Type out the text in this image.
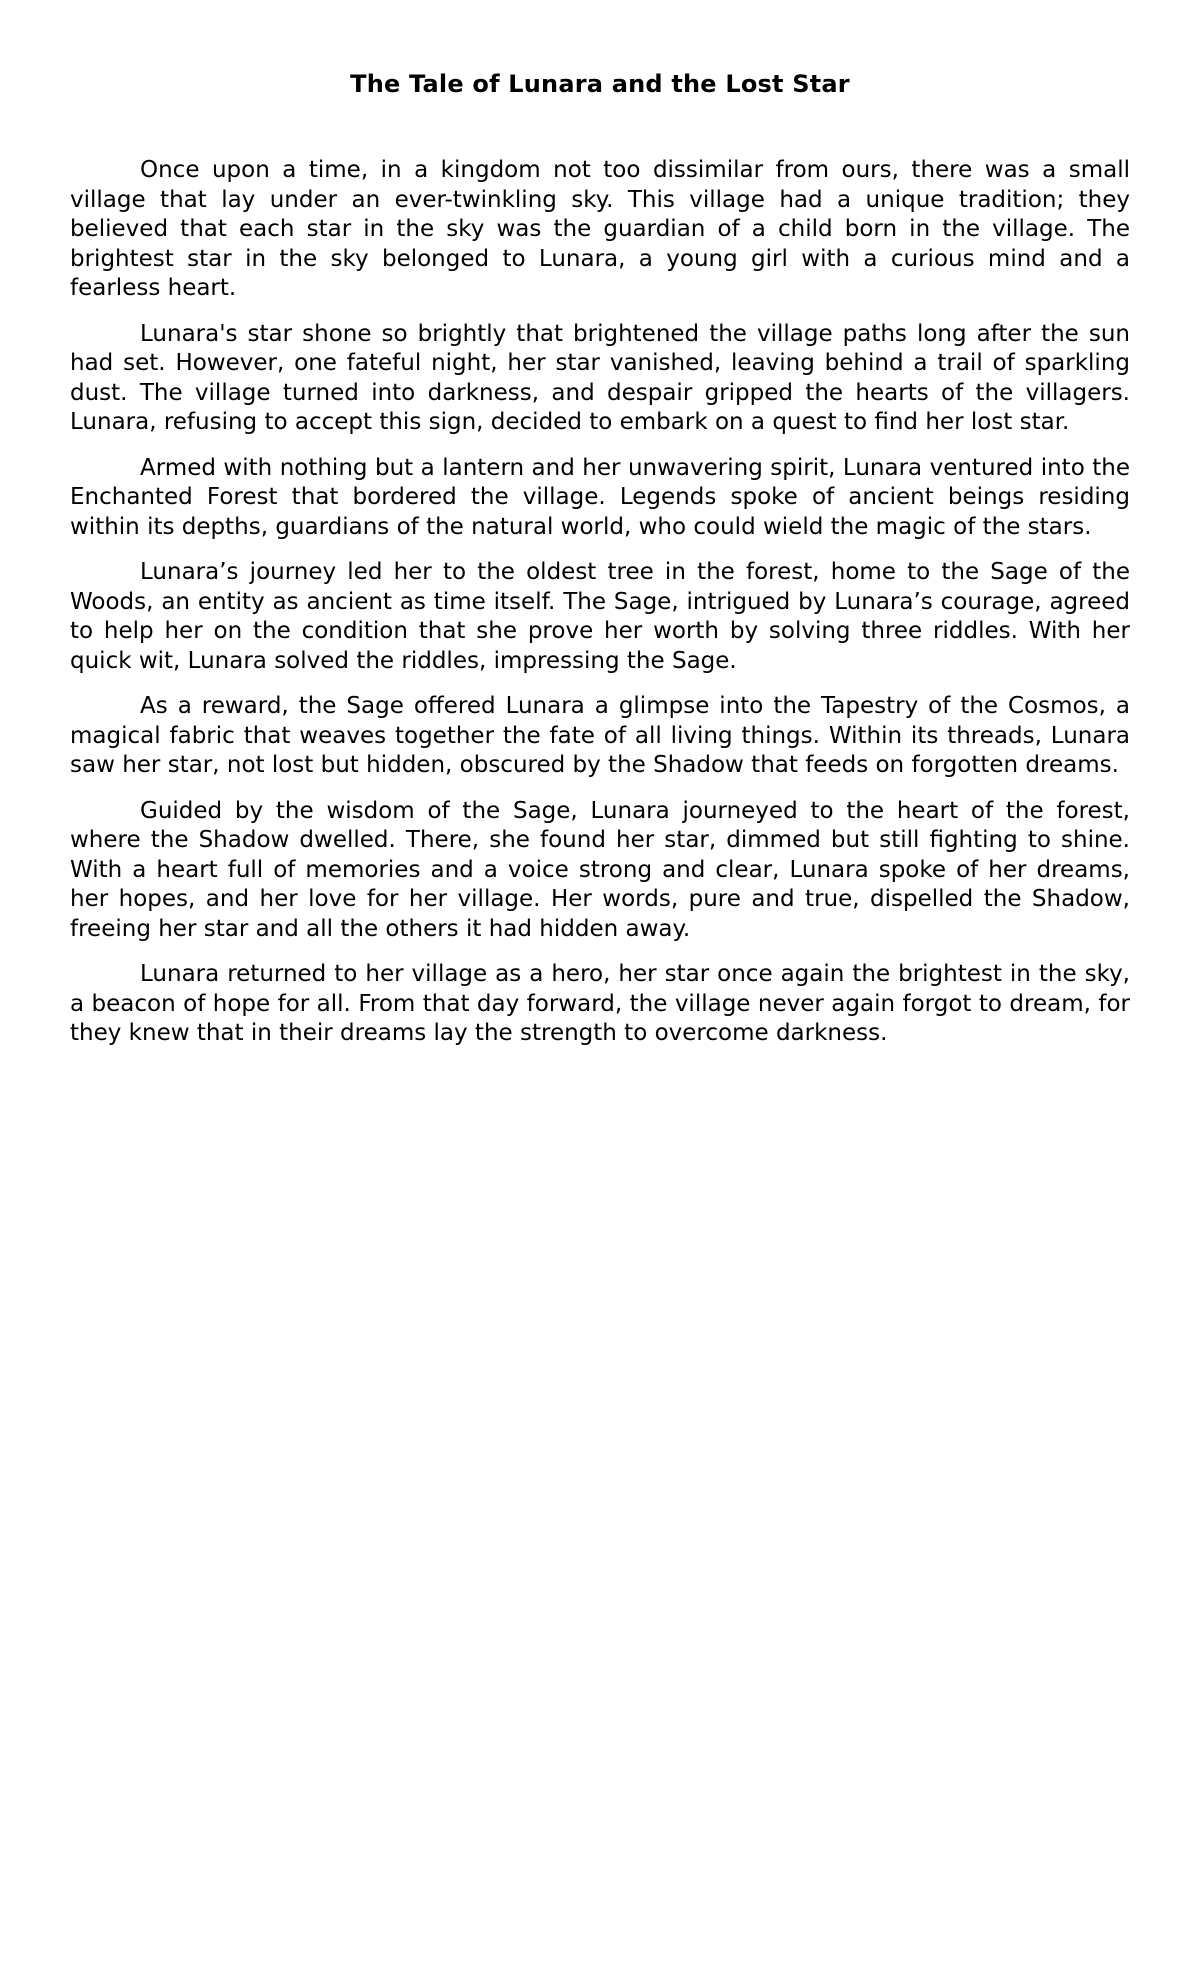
The Tale of Lunara and the Lost Star

Once upon a time, in a kingdom not too dissimilar from ours, there was a small village that lay under an ever-twinkling sky. This village had a unique tradition; they believed that each star in the sky was the guardian of a child born in the village. The brightest star in the sky belonged to Lunara, a young girl with a curious mind and a fearless heart.

Lunara's star shone so brightly that brightened the village paths long after the sun had set. However, one fateful night, her star vanished, leaving behind a trail of sparkling dust. The village turned into darkness, and despair gripped the hearts of the villagers. Lunara, refusing to accept this sign, decided to embark on a quest to find her lost star.

Armed with nothing but a lantern and her unwavering spirit, Lunara ventured into the Enchanted Forest that bordered the village. Legends spoke of ancient beings residing within its depths, guardians of the natural world, who could wield the magic of the stars.

Lunara’s journey led her to the oldest tree in the forest, home to the Sage of the Woods, an entity as ancient as time itself. The Sage, intrigued by Lunara’s courage, agreed to help her on the condition that she prove her worth by solving three riddles. With her quick wit, Lunara solved the riddles, impressing the Sage.

As a reward, the Sage offered Lunara a glimpse into the Tapestry of the Cosmos, a magical fabric that weaves together the fate of all living things. Within its threads, Lunara saw her star, not lost but hidden, obscured by the Shadow that feeds on forgotten dreams.

Guided by the wisdom of the Sage, Lunara journeyed to the heart of the forest, where the Shadow dwelled. There, she found her star, dimmed but still fighting to shine. With a heart full of memories and a voice strong and clear, Lunara spoke of her dreams, her hopes, and her love for her village. Her words, pure and true, dispelled the Shadow, freeing her star and all the others it had hidden away.

Lunara returned to her village as a hero, her star once again the brightest in the sky, a beacon of hope for all. From that day forward, the village never again forgot to dream, for they knew that in their dreams lay the strength to overcome darkness.
